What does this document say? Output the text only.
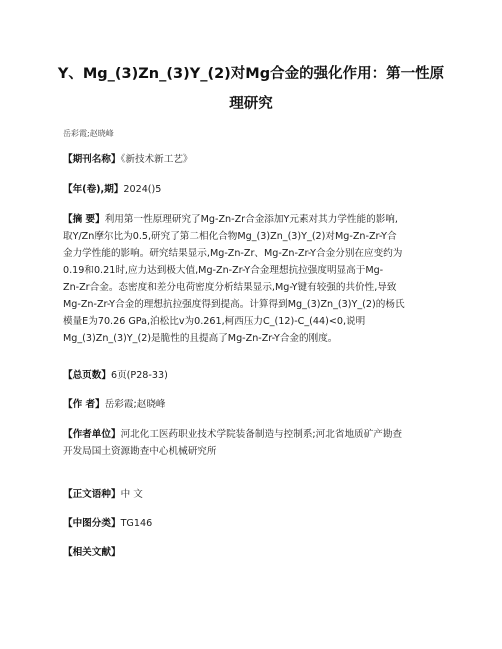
Y、Mg_(3)Zn_(3)Y_(2)对Mg合金的强化作用：第一性原
理研究
岳彩霞;赵晓峰
【期刊名称】《新技术新工艺》
【年(卷),期】2024()5
【摘 要】利用第一性原理研究了Mg-Zn-Zr合金添加Y元素对其力学性能的影响,
取Y/Zn摩尔比为0.5,研究了第二相化合物Mg_(3)Zn_(3)Y_(2)对Mg-Zn-Zr-Y合
金力学性能的影响。研究结果显示,Mg-Zn-Zr、Mg-Zn-Zr-Y合金分别在应变约为
0.19和0.21时,应力达到极大值,Mg-Zn-Zr-Y合金理想抗拉强度明显高于Mg-
Zn-Zr合金。态密度和差分电荷密度分析结果显示,Mg-Y键有较强的共价性,导致
Mg-Zn-Zr-Y合金的理想抗拉强度得到提高。计算得到Mg_(3)Zn_(3)Y_(2)的杨氏
模量E为70.26 GPa,泊松比v为0.261,柯西压力C_(12)-C_(44)<0,说明
Mg_(3)Zn_(3)Y_(2)是脆性的且提高了Mg-Zn-Zr-Y合金的刚度。
【总页数】6页(P28-33)
【作 者】岳彩霞;赵晓峰
【作者单位】河北化工医药职业技术学院装备制造与控制系;河北省地质矿产勘查
开发局国土资源勘查中心机械研究所
【正文语种】中 文
【中图分类】TG146
【相关文献】
